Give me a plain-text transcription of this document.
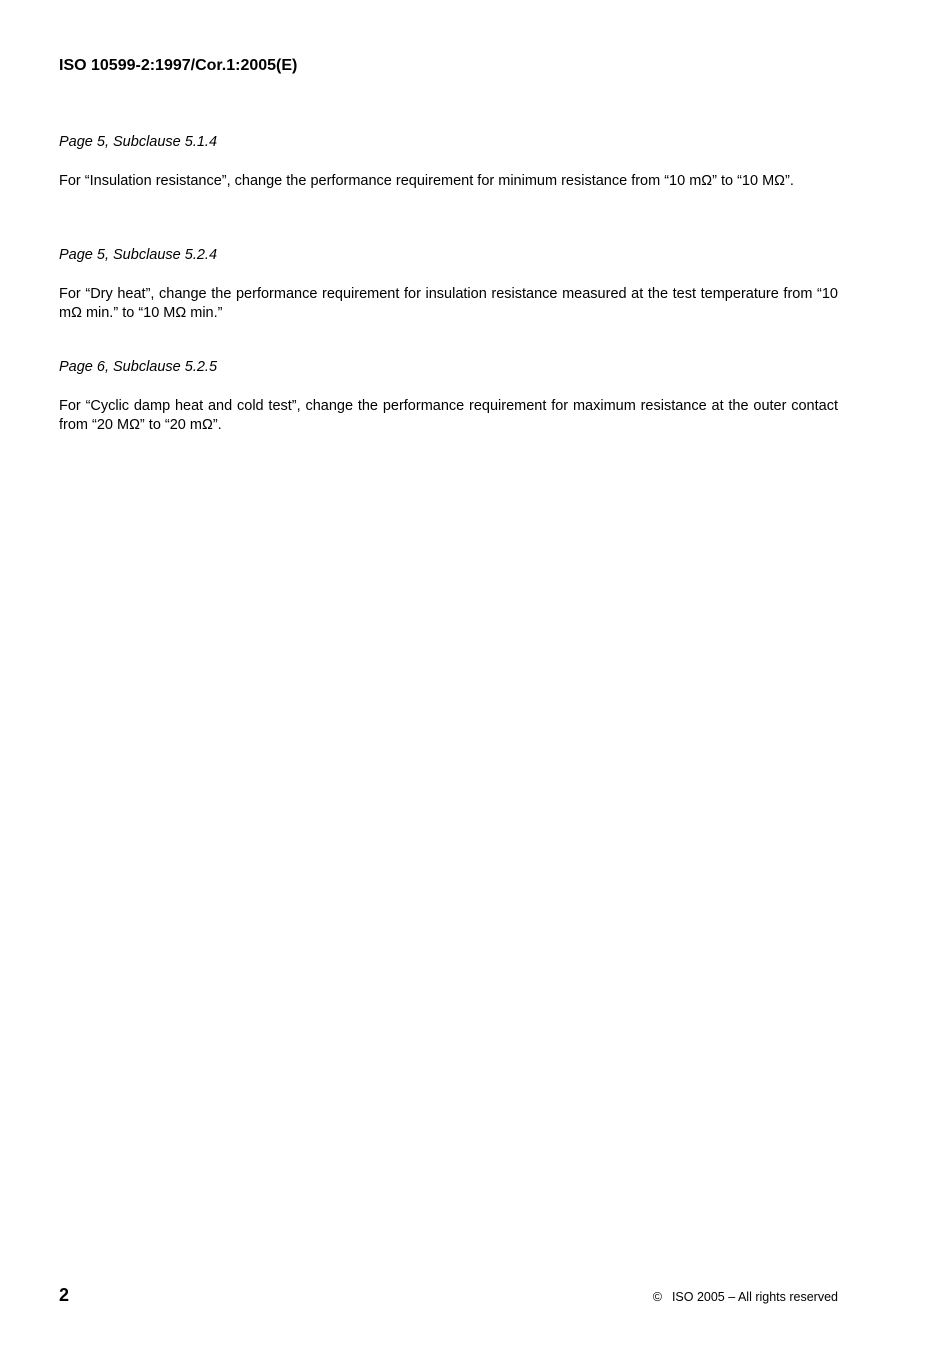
ISO 10599-2:1997/Cor.1:2005(E)

Page 5, Subclause 5.1.4

For “Insulation resistance”, change the performance requirement for minimum resistance from “10 mΩ” to “10 MΩ”.

Page 5, Subclause 5.2.4

For “Dry heat”, change the performance requirement for insulation resistance measured at the test temperature from “10 mΩ min.” to “10 MΩ min.”

Page 6, Subclause 5.2.5

For “Cyclic damp heat and cold test”, change the performance requirement for maximum resistance at the outer contact from “20 MΩ” to “20 mΩ”.

2	© ISO 2005 – All rights reserved
